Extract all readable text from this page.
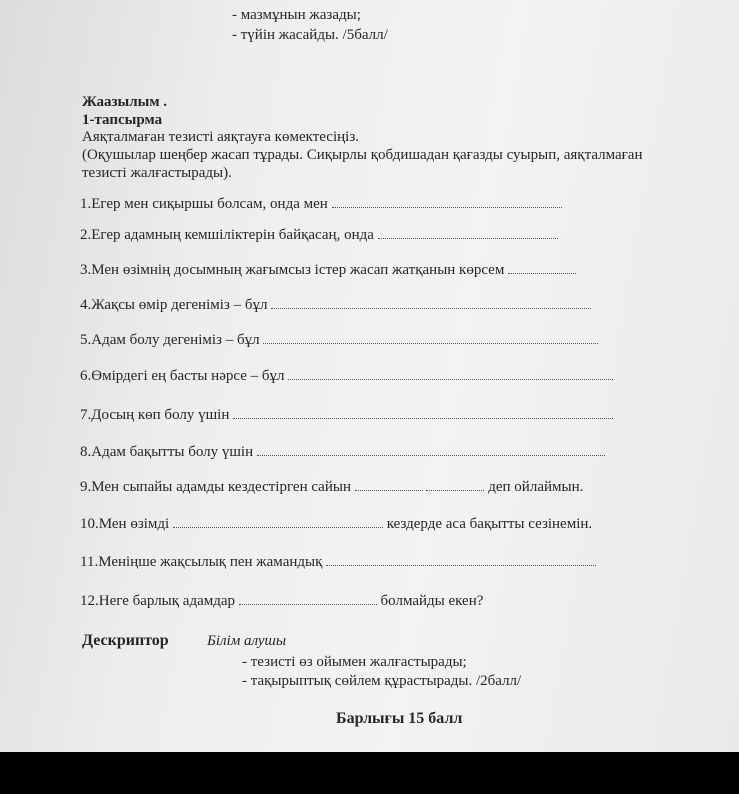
- мазмұнын жазады;
- түйін жасайды. /5балл/
Жаазылым .
1-тапсырма
Аяқталмаған тезисті аяқтауға көмектесіңіз.
(Оқушылар шеңбер жасап тұрады. Сиқырлы қобдишадан қағазды суырып, аяқталмаған
тезисті жалғастырады).
1.Егер мен сиқыршы болсам, онда мен
2.Егер адамның кемшіліктерін байқасаң, онда
3.Мен өзімнің досымның жағымсыз істер жасап жатқанын көрсем
4.Жақсы өмір дегеніміз – бұл
5.Адам болу дегеніміз – бұл
6.Өмірдегі ең басты нәрсе – бұл
7.Досың көп болу үшін
8.Адам бақытты болу үшін
9.Мен сыпайы адамды кездестірген сайын	деп ойлаймын.
10.Мен өзімді	кездерде аса бақытты сезінемін.
11.Меніңше жақсылық пен жамандық
12.Неге барлық адамдар	болмайды екен?
Дескриптор	Білім алушы
- тезисті өз ойымен жалғастырады;
- тақырыптық сөйлем құрастырады. /2балл/
Барлығы 15 балл
